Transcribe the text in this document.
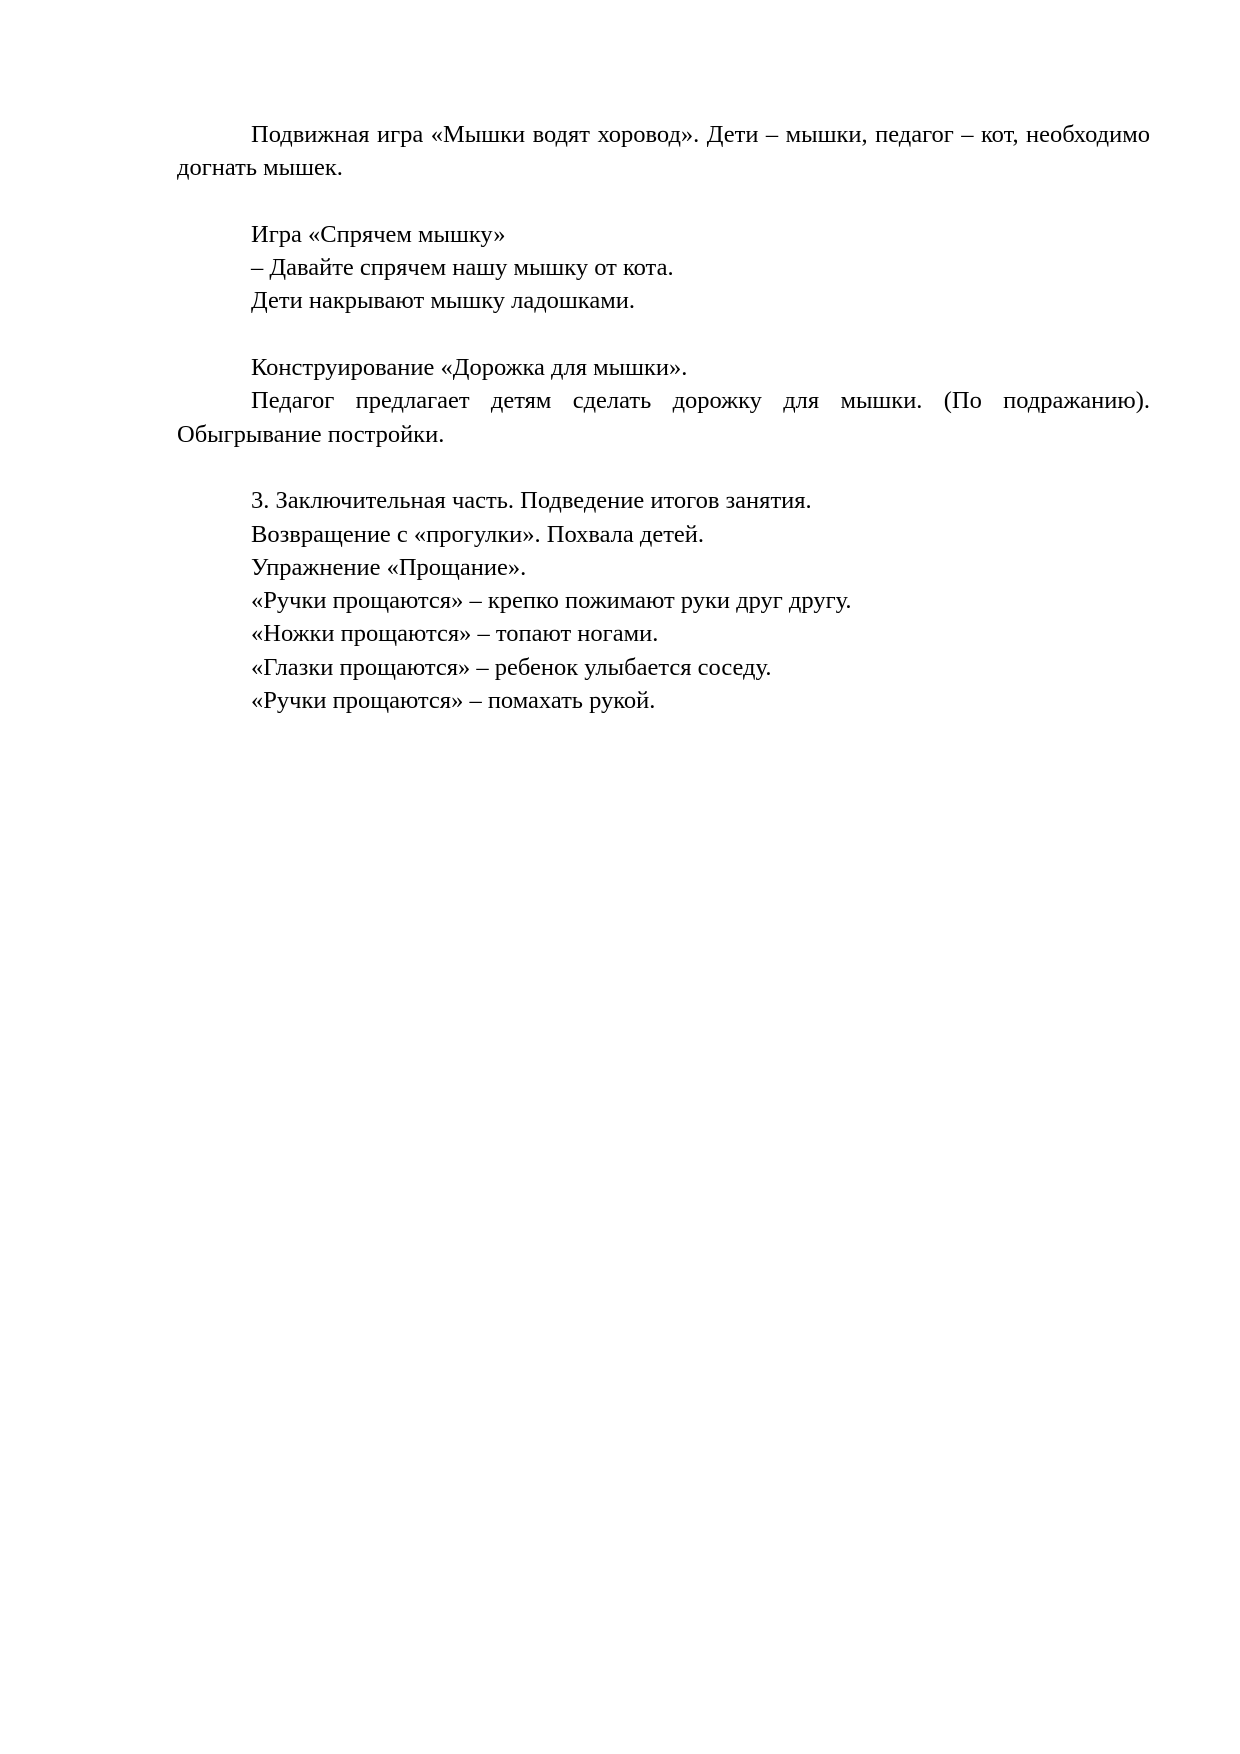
Подвижная игра «Мышки водят хоровод». Дети – мышки, педагог – кот, необходимо догнать мышек.

Игра «Спрячем мышку»

– Давайте спрячем нашу мышку от кота.

Дети накрывают мышку ладошками.

Конструирование «Дорожка для мышки».

Педагог предлагает детям сделать дорожку для мышки. (По подражанию). Обыгрывание постройки.

3. Заключительная часть. Подведение итогов занятия.

Возвращение с «прогулки». Похвала детей.

Упражнение «Прощание».

«Ручки прощаются» – крепко пожимают руки друг другу.

«Ножки прощаются» – топают ногами.

«Глазки прощаются» – ребенок улыбается соседу.

«Ручки прощаются» – помахать рукой.
